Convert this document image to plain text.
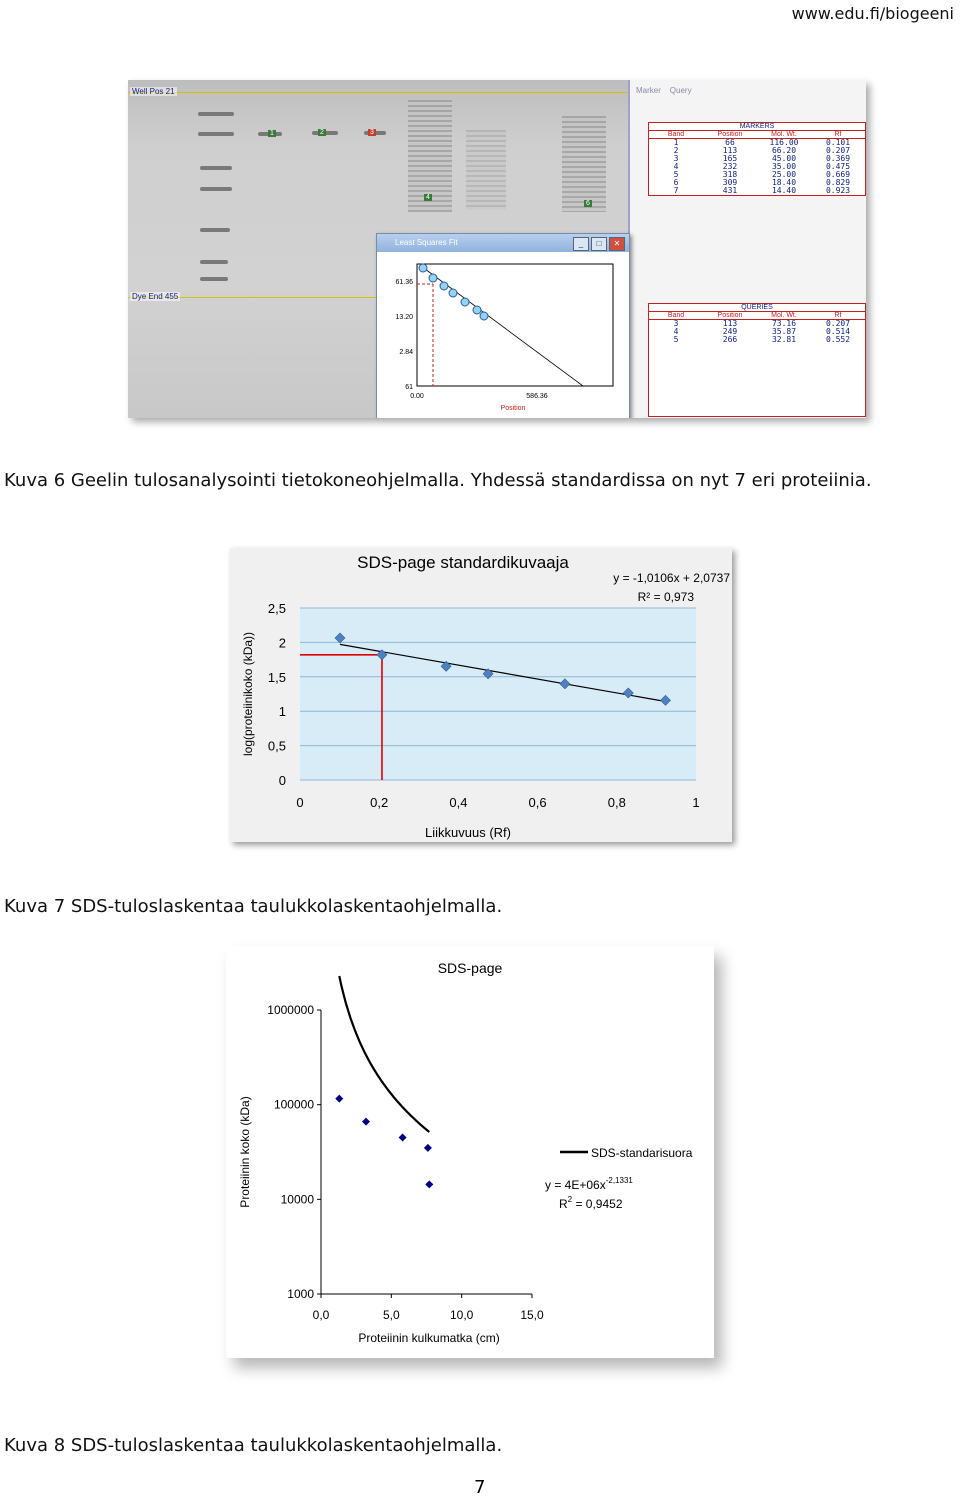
www.edu.fi/biogeeni
Well Pos 21
Dye End 455
1	2	3
4
6
Marker Query
MARKERS
Band	Position	Mol. Wt.	Rf
1	66	116.00	0.101
2	113	66.20	0.207
3	165	45.00	0.369
4	232	35.00	0.475
5	318	25.00	0.669
6	309	18.40	0.829
7	431	14.40	0.923
QUERIES
Band	Position	Mol. Wt.	Rf
3	113	73.16	0.207
4	249	35.87	0.514
5	266	32.81	0.552
Least Squares Fit	_	□	✕
61.36
13.20
2.84
61
0.00	586.36
Position
Kuva 6 Geelin tulosanalysointi tietokoneohjelmalla. Yhdessä standardissa on nyt 7 eri proteiinia.
SDS-page standardikuvaaja
y = -1,0106x + 2,0737
R² = 0,973
0
0,5
1
1,5
2
2,5
0	0,2	0,4	0,6	0,8	1
Liikkuvuus (Rf)
log(proteiinikoko (kDa))
Kuva 7 SDS-tuloslaskentaa taulukkolaskentaohjelmalla.
SDS-page
1000
10000
100000
1000000
0,0	5,0	10,0	15,0
Proteiinin kulkumatka (cm)
Proteiinin koko (kDa)	SDS-standarisuora
$y = 4E+06x^{-2,1331}$
$R^2 = 0,9452$
Kuva 8 SDS-tuloslaskentaa taulukkolaskentaohjelmalla.
7
